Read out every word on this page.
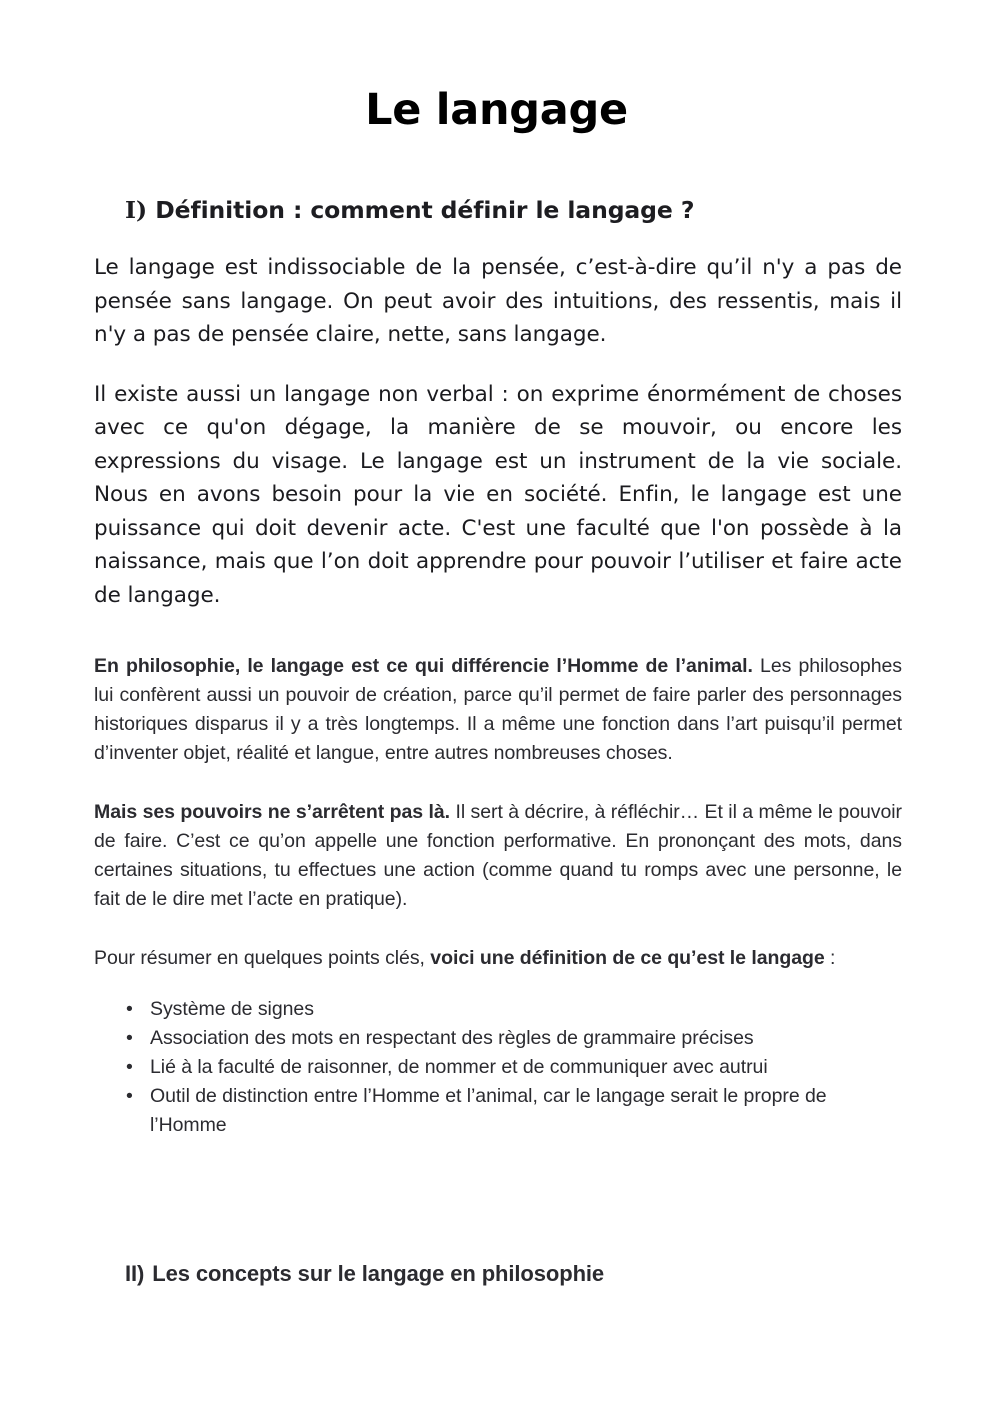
Le langage
I) Définition : comment définir le langage ?

Le langage est indissociable de la pensée, c’est-à-dire qu’il n'y a pas de pensée sans langage. On peut avoir des intuitions, des ressentis, mais il n'y a pas de pensée claire, nette, sans langage.

Il existe aussi un langage non verbal : on exprime énormément de choses avec ce qu'on dégage, la manière de se mouvoir, ou encore les expressions du visage. Le langage est un instrument de la vie sociale. Nous en avons besoin pour la vie en société. Enfin, le langage est une puissance qui doit devenir acte. C'est une faculté que l'on possède à la naissance, mais que l’on doit apprendre pour pouvoir l’utiliser et faire acte de langage.

En philosophie, le langage est ce qui différencie l’Homme de l’animal. Les philosophes lui confèrent aussi un pouvoir de création, parce qu’il permet de faire parler des personnages historiques disparus il y a très longtemps. Il a même une fonction dans l’art puisqu’il permet d’inventer objet, réalité et langue, entre autres nombreuses choses.

Mais ses pouvoirs ne s’arrêtent pas là. Il sert à décrire, à réfléchir… Et il a même le pouvoir de faire. C’est ce qu’on appelle une fonction performative. En prononçant des mots, dans certaines situations, tu effectues une action (comme quand tu romps avec une personne, le fait de le dire met l’acte en pratique).

Pour résumer en quelques points clés, voici une définition de ce qu’est le langage :

• Système de signes
• Association des mots en respectant des règles de grammaire précises
• Lié à la faculté de raisonner, de nommer et de communiquer avec autrui
• Outil de distinction entre l’Homme et l’animal, car le langage serait le propre de l’Homme
II) Les concepts sur le langage en philosophie
